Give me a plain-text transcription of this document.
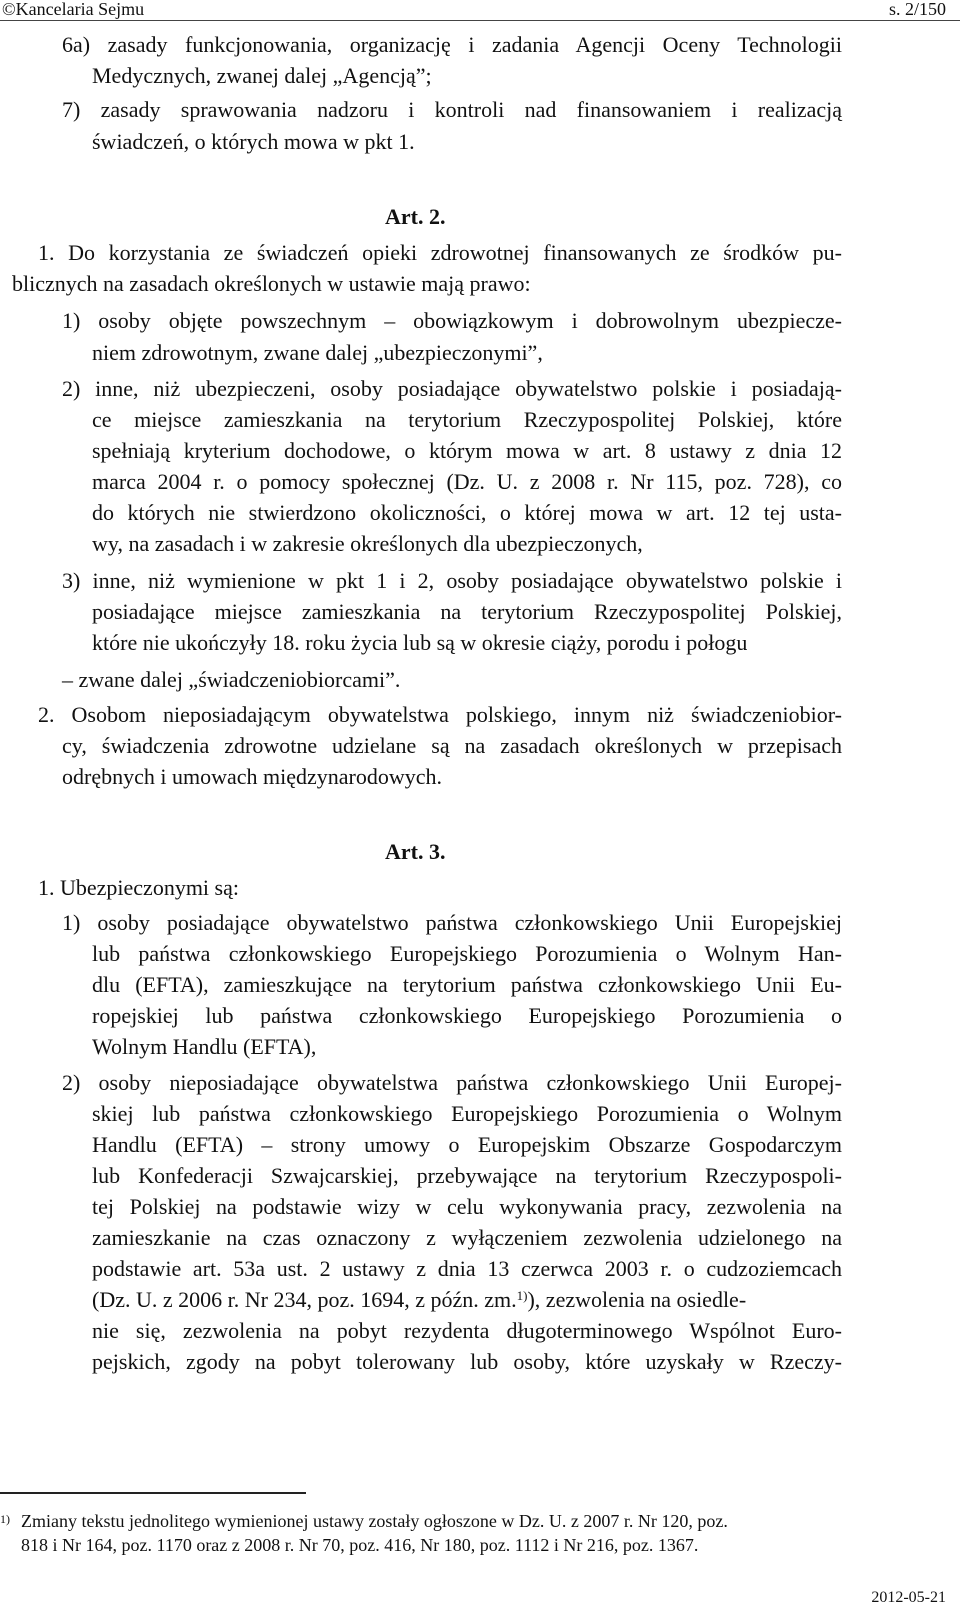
©Kancelaria Sejmu	s. 2/150
6a) zasady funkcjonowania, organizację i zadania Agencji Oceny Technologii
Medycznych, zwanej dalej „Agencją”;
7) zasady sprawowania nadzoru i kontroli nad finansowaniem i realizacją
świadczeń, o których mowa w pkt 1.
Art. 2.
1. Do korzystania ze świadczeń opieki zdrowotnej finansowanych ze środków pu-
blicznych na zasadach określonych w ustawie mają prawo:
1) osoby objęte powszechnym – obowiązkowym i dobrowolnym ubezpiecze-
niem zdrowotnym, zwane dalej „ubezpieczonymi”,
2) inne, niż ubezpieczeni, osoby posiadające obywatelstwo polskie i posiadają-
ce miejsce zamieszkania na terytorium Rzeczypospolitej Polskiej, które
spełniają kryterium dochodowe, o którym mowa w art. 8 ustawy z dnia 12
marca 2004 r. o pomocy społecznej (Dz. U. z 2008 r. Nr 115, poz. 728), co
do których nie stwierdzono okoliczności, o której mowa w art. 12 tej usta-
wy, na zasadach i w zakresie określonych dla ubezpieczonych,
3) inne, niż wymienione w pkt 1 i 2, osoby posiadające obywatelstwo polskie i
posiadające miejsce zamieszkania na terytorium Rzeczypospolitej Polskiej,
które nie ukończyły 18. roku życia lub są w okresie ciąży, porodu i połogu
– zwane dalej „świadczeniobiorcami”.
2. Osobom nieposiadającym obywatelstwa polskiego, innym niż świadczeniobior-
cy, świadczenia zdrowotne udzielane są na zasadach określonych w przepisach
odrębnych i umowach międzynarodowych.
Art. 3.
1. Ubezpieczonymi są:
1) osoby posiadające obywatelstwo państwa członkowskiego Unii Europejskiej
lub państwa członkowskiego Europejskiego Porozumienia o Wolnym Han-
dlu (EFTA), zamieszkujące na terytorium państwa członkowskiego Unii Eu-
ropejskiej lub państwa członkowskiego Europejskiego Porozumienia o
Wolnym Handlu (EFTA),
2) osoby nieposiadające obywatelstwa państwa członkowskiego Unii Europej-
skiej lub państwa członkowskiego Europejskiego Porozumienia o Wolnym
Handlu (EFTA) – strony umowy o Europejskim Obszarze Gospodarczym
lub Konfederacji Szwajcarskiej, przebywające na terytorium Rzeczypospoli-
tej Polskiej na podstawie wizy w celu wykonywania pracy, zezwolenia na
zamieszkanie na czas oznaczony z wyłączeniem zezwolenia udzielonego na
podstawie art. 53a ust. 2 ustawy z dnia 13 czerwca 2003 r. o cudzoziemcach
(Dz. U. z 2006 r. Nr 234, poz. 1694, z późn. zm.$^{1)}$), zezwolenia na osiedle-
nie się, zezwolenia na pobyt rezydenta długoterminowego Wspólnot Euro-
pejskich, zgody na pobyt tolerowany lub osoby, które uzyskały w Rzeczy-
1) Zmiany tekstu jednolitego wymienionej ustawy zostały ogłoszone w Dz. U. z 2007 r. Nr 120, poz.
818 i Nr 164, poz. 1170 oraz z 2008 r. Nr 70, poz. 416, Nr 180, poz. 1112 i Nr 216, poz. 1367.
2012-05-21
